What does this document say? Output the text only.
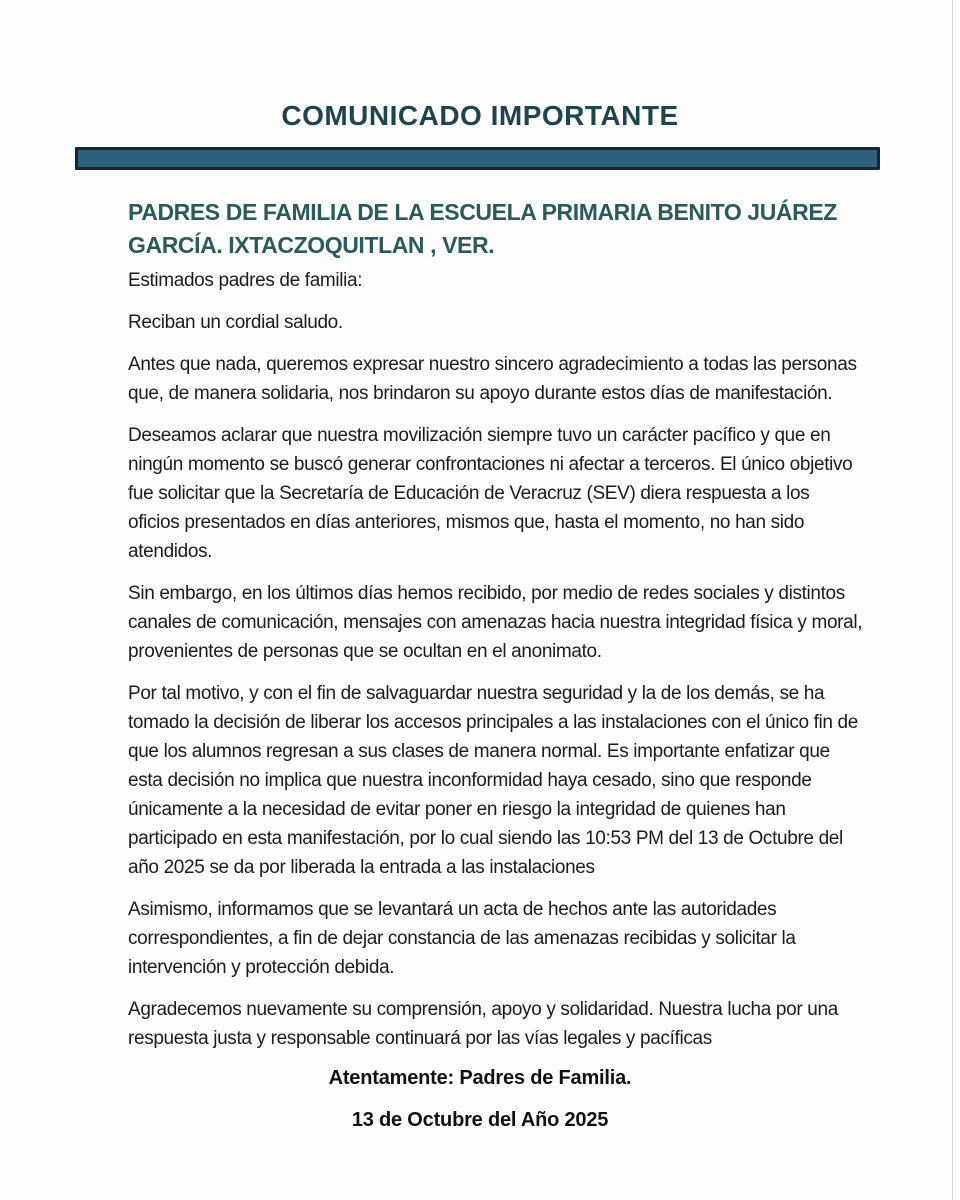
COMUNICADO IMPORTANTE
PADRES DE FAMILIA DE LA ESCUELA PRIMARIA BENITO JUÁREZ
GARCÍA. IXTACZOQUITLAN , VER.

Estimados padres de familia:

Reciban un cordial saludo.

Antes que nada, queremos expresar nuestro sincero agradecimiento a todas las personas que, de manera solidaria, nos brindaron su apoyo durante estos días de manifestación.

Deseamos aclarar que nuestra movilización siempre tuvo un carácter pacífico y que en ningún momento se buscó generar confrontaciones ni afectar a terceros. El único objetivo fue solicitar que la Secretaría de Educación de Veracruz (SEV) diera respuesta a los oficios presentados en días anteriores, mismos que, hasta el momento, no han sido atendidos.

Sin embargo, en los últimos días hemos recibido, por medio de redes sociales y distintos canales de comunicación, mensajes con amenazas hacia nuestra integridad física y moral, provenientes de personas que se ocultan en el anonimato.

Por tal motivo, y con el fin de salvaguardar nuestra seguridad y la de los demás, se ha tomado la decisión de liberar los accesos principales a las instalaciones con el único fin de que los alumnos regresan a sus clases de manera normal. Es importante enfatizar que esta decisión no implica que nuestra inconformidad haya cesado, sino que responde únicamente a la necesidad de evitar poner en riesgo la integridad de quienes han participado en esta manifestación, por lo cual siendo las 10:53 PM del 13 de Octubre del año 2025 se da por liberada la entrada a las instalaciones

Asimismo, informamos que se levantará un acta de hechos ante las autoridades correspondientes, a fin de dejar constancia de las amenazas recibidas y solicitar la intervención y protección debida.

Agradecemos nuevamente su comprensión, apoyo y solidaridad. Nuestra lucha por una respuesta justa y responsable continuará por las vías legales y pacíficas

Atentamente: Padres de Familia.

13 de Octubre del Año 2025
